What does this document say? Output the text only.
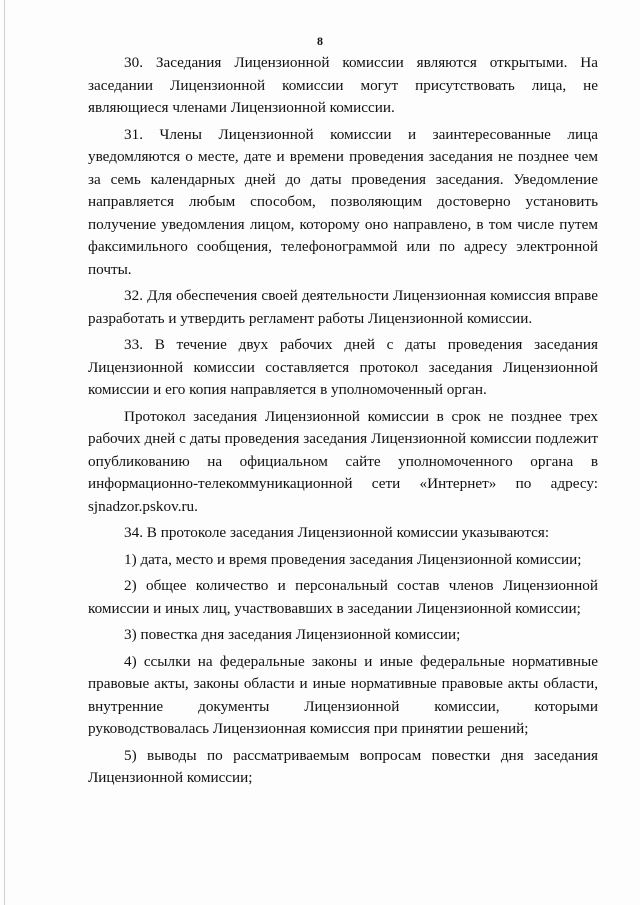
8

30. Заседания Лицензионной комиссии являются открытыми. На заседании Лицензионной комиссии могут присутствовать лица, не являющиеся членами Лицензионной комиссии.

31. Члены Лицензионной комиссии и заинтересованные лица уведомляются о месте, дате и времени проведения заседания не позднее чем за семь календарных дней до даты проведения заседания. Уведомление направляется любым способом, позволяющим достоверно установить получение уведомления лицом, которому оно направлено, в том числе путем факсимильного сообщения, телефонограммой или по адресу электронной почты.

32. Для обеспечения своей деятельности Лицензионная комиссия вправе разработать и утвердить регламент работы Лицензионной комиссии.

33. В течение двух рабочих дней с даты проведения заседания Лицензионной комиссии составляется протокол заседания Лицензионной комиссии и его копия направляется в уполномоченный орган.

Протокол заседания Лицензионной комиссии в срок не позднее трех рабочих дней с даты проведения заседания Лицензионной комиссии подлежит опубликованию на официальном сайте уполномоченного органа в информационно-телекоммуникационной сети «Интернет» по адресу: sjnadzor.pskov.ru.

34. В протоколе заседания Лицензионной комиссии указываются:

1) дата, место и время проведения заседания Лицензионной комиссии;

2) общее количество и персональный состав членов Лицензионной комиссии и иных лиц, участвовавших в заседании Лицензионной комиссии;

3) повестка дня заседания Лицензионной комиссии;

4) ссылки на федеральные законы и иные федеральные нормативные правовые акты, законы области и иные нормативные правовые акты области, внутренние документы Лицензионной комиссии, которыми руководствовалась Лицензионная комиссия при принятии решений;

5) выводы по рассматриваемым вопросам повестки дня заседания Лицензионной комиссии;
